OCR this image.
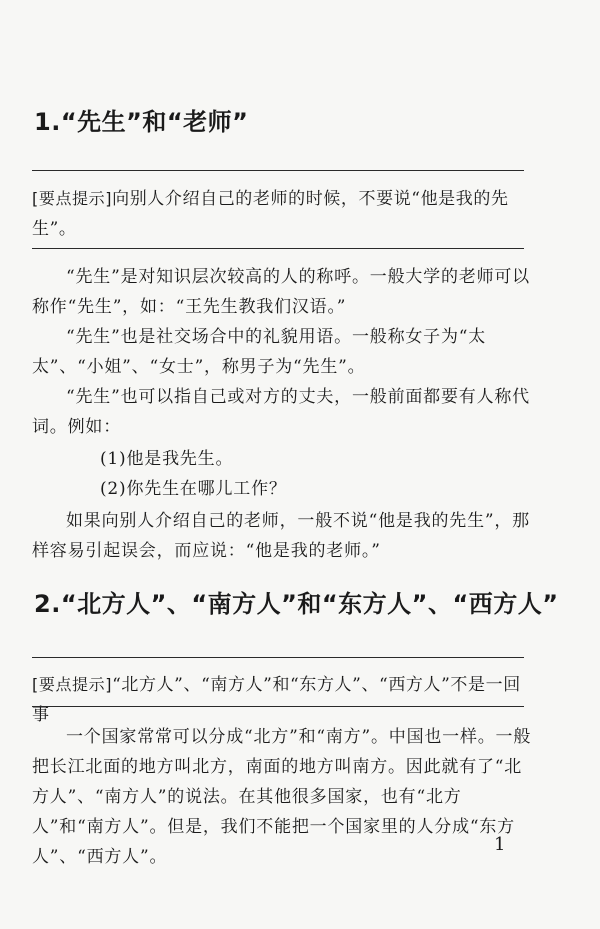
1.“先生”和“老师”
[要点提示]向别人介绍自己的老师的时候，不要说“他是我的先生”。

“先生”是对知识层次较高的人的称呼。一般大学的老师可以称作“先生”，如：“王先生教我们汉语。”

“先生”也是社交场合中的礼貌用语。一般称女子为“太太”、“小姐”、“女士”，称男子为“先生”。

“先生”也可以指自己或对方的丈夫，一般前面都要有人称代词。例如：

(1)他是我先生。
(2)你先生在哪儿工作？

如果向别人介绍自己的老师，一般不说“他是我的先生”，那样容易引起误会，而应说：“他是我的老师。”

2.“北方人”、“南方人”和“东方人”、“西方人”
[要点提示]“北方人”、“南方人”和“东方人”、“西方人”不是一回事

一个国家常常可以分成“北方”和“南方”。中国也一样。一般把长江北面的地方叫北方，南面的地方叫南方。因此就有了“北方人”、“南方人”的说法。在其他很多国家，也有“北方人”和“南方人”。但是，我们不能把一个国家里的人分成“东方人”、“西方人”。

1
